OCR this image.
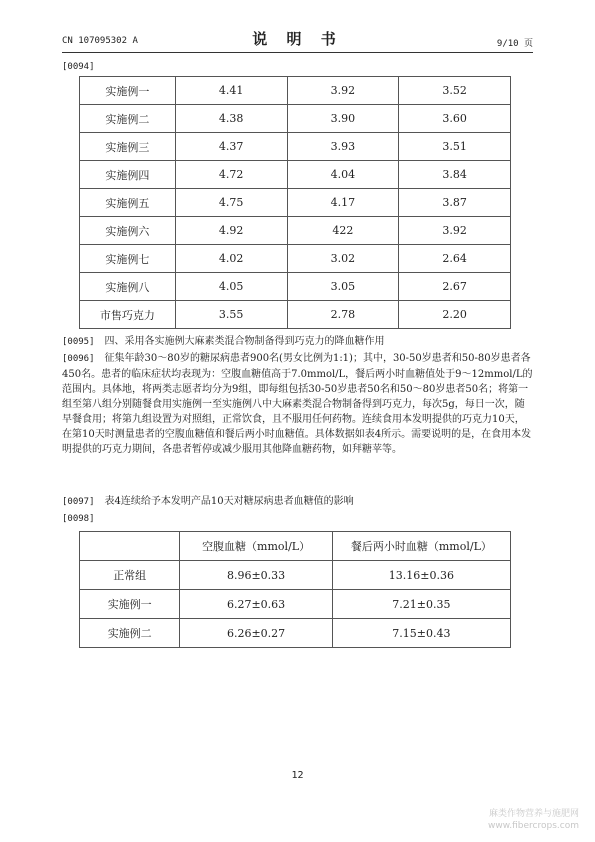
CN 107095302 A	说 明 书	9/10 页
[0094]
实施例一	4.41	3.92	3.52
实施例二	4.38	3.90	3.60
实施例三	4.37	3.93	3.51
实施例四	4.72	4.04	3.84
实施例五	4.75	4.17	3.87
实施例六	4.92	422	3.92
实施例七	4.02	3.02	2.64
实施例八	4.05	3.05	2.67
市售巧克力	3.55	2.78	2.20
[0095] 四、采用各实施例大麻素类混合物制备得到巧克力的降血糖作用
[0096] 征集年龄30～80岁的糖尿病患者900名(男女比例为1:1)；其中，30-50岁患者和50-80岁患者各450名。患者的临床症状均表现为：空腹血糖值高于7.0mmol/L，餐后两小时血糖值处于9～12mmol/L的范围内。具体地，将两类志愿者均分为9组，即每组包括30-50岁患者50名和50～80岁患者50名；将第一组至第八组分别随餐食用实施例一至实施例八中大麻素类混合物制备得到巧克力，每次5g，每日一次，随早餐食用；将第九组设置为对照组，正常饮食，且不服用任何药物。连续食用本发明提供的巧克力10天，在第10天时测量患者的空腹血糖值和餐后两小时血糖值。具体数据如表4所示。需要说明的是，在食用本发明提供的巧克力期间，各患者暂停或减少服用其他降血糖药物，如拜糖苹等。
[0097] 表4连续给予本发明产品10天对糖尿病患者血糖值的影响
[0098]
	空腹血糖（mmol/L）	餐后两小时血糖（mmol/L）
正常组	8.96±0.33	13.16±0.36
实施例一	6.27±0.63	7.21±0.35
实施例二	6.26±0.27	7.15±0.43
12
麻类作物营养与施肥网
www.fibercrops.com
